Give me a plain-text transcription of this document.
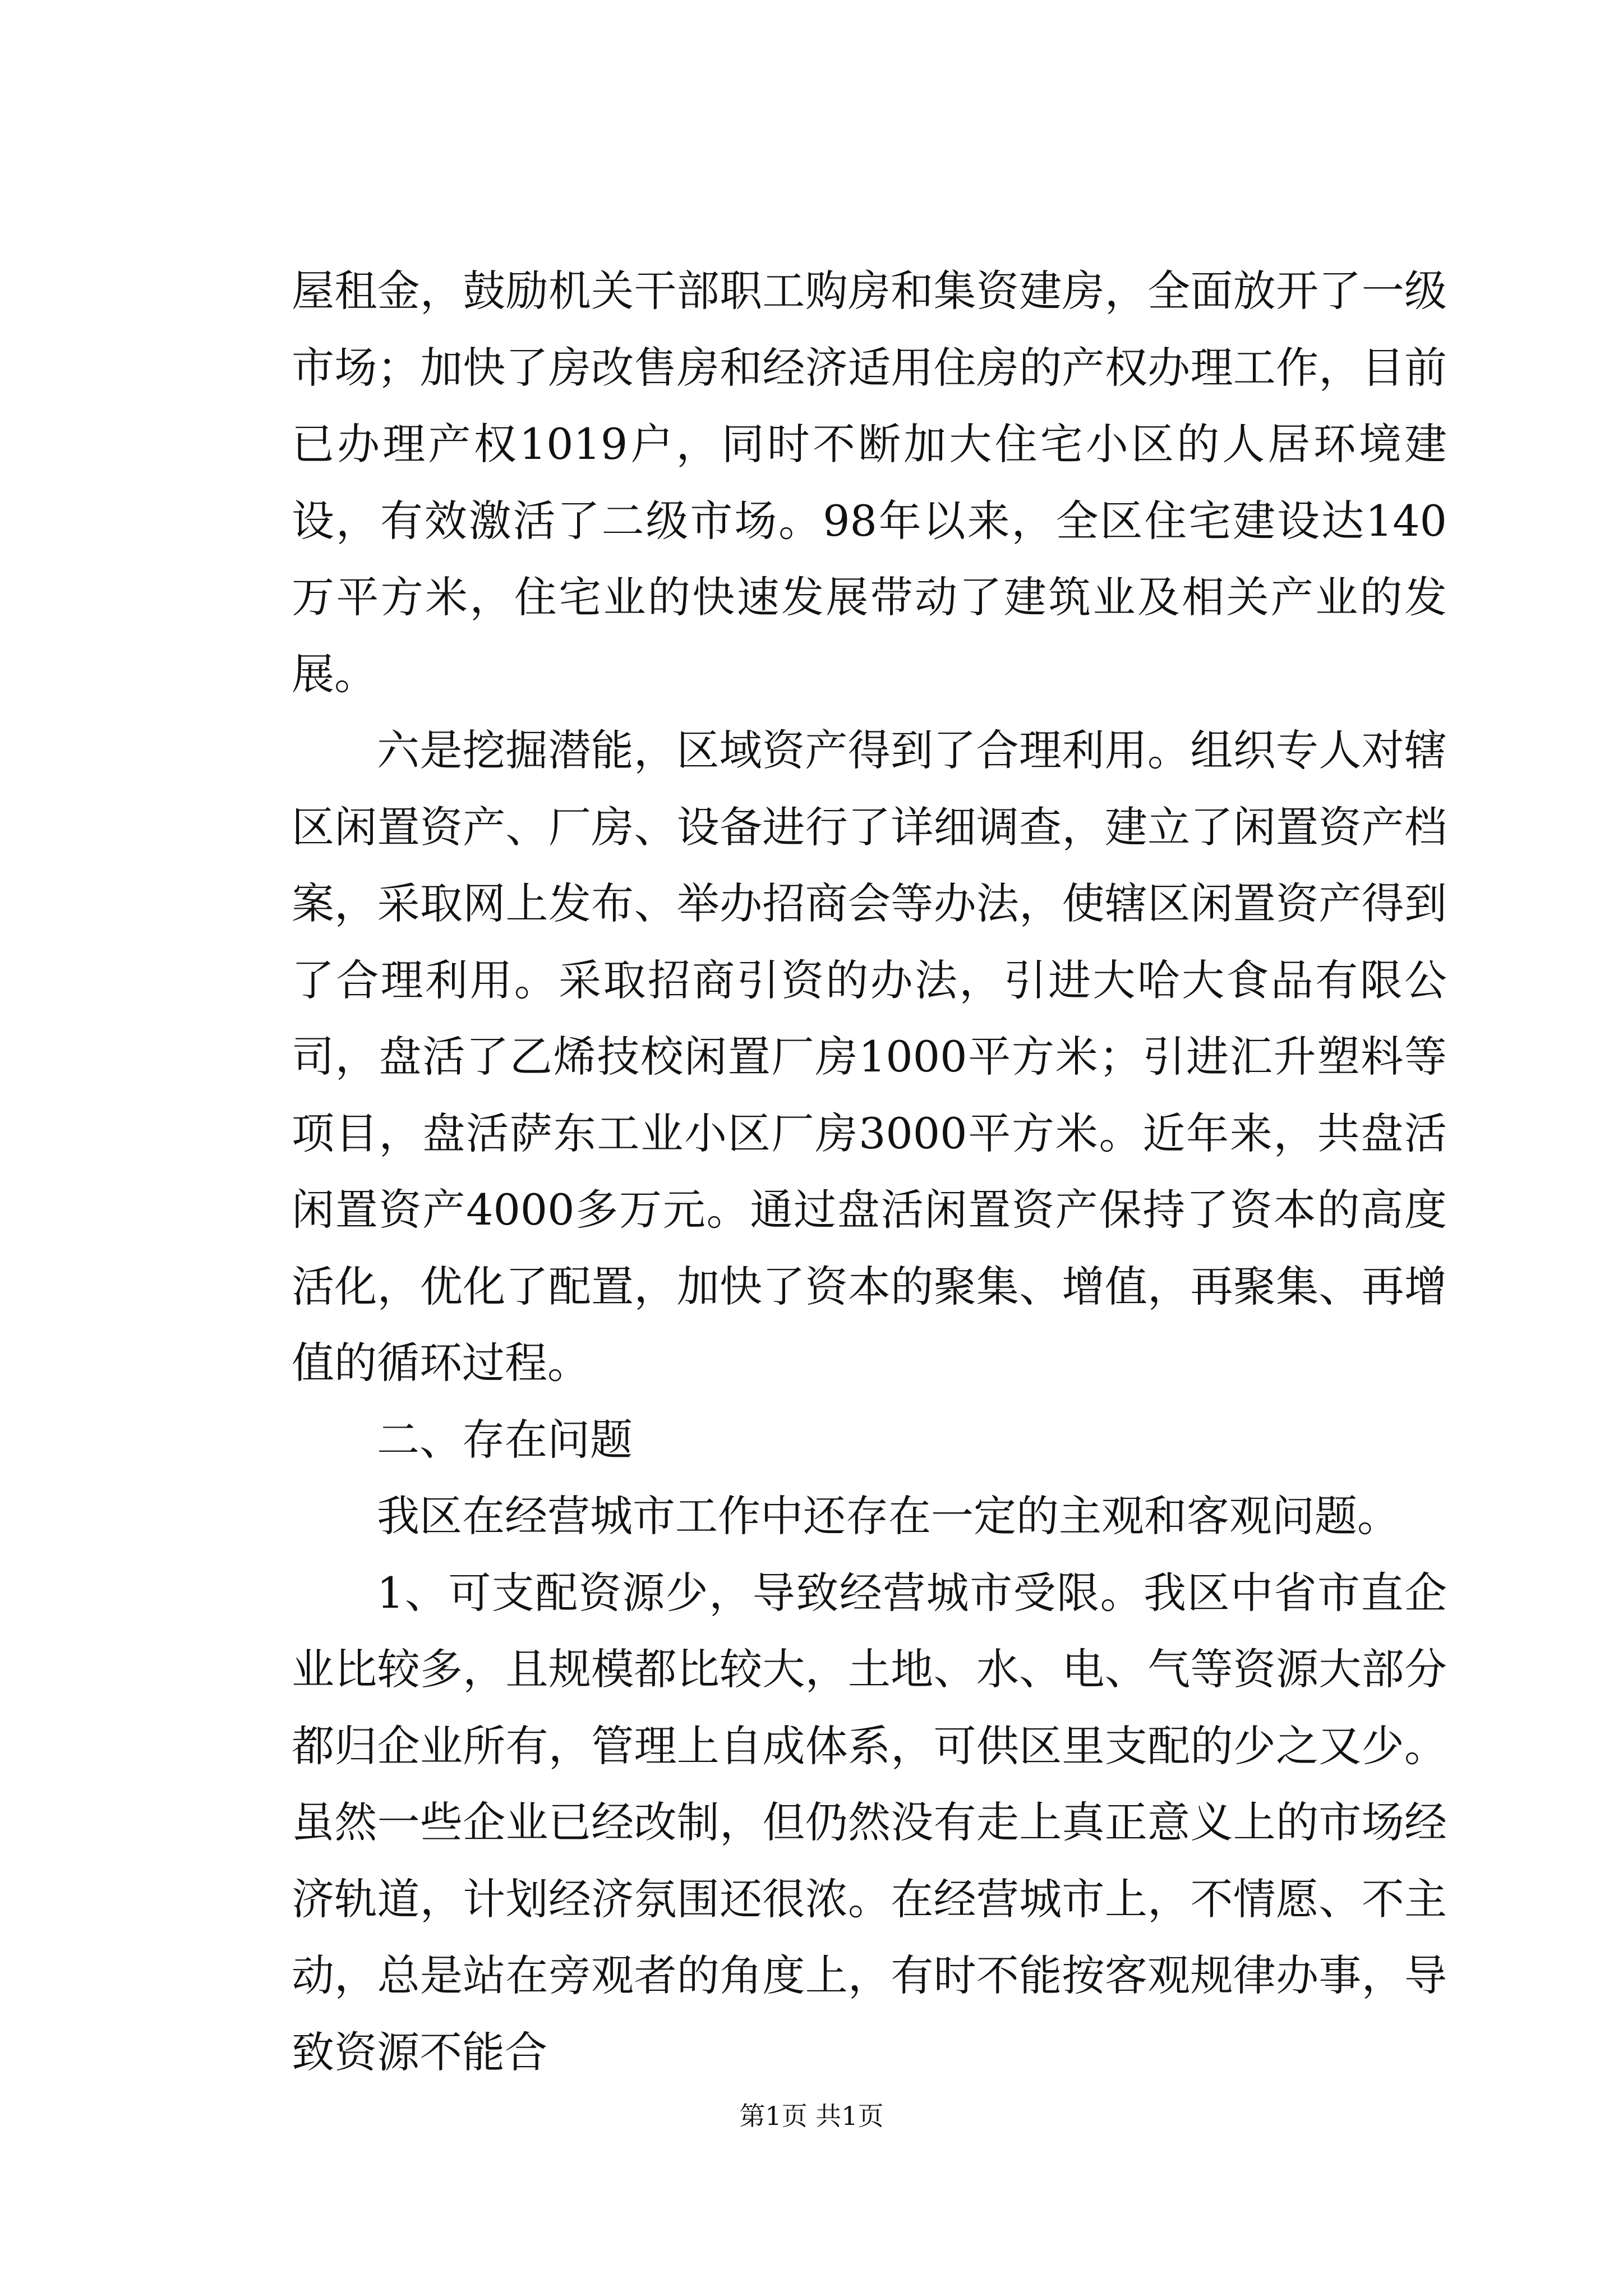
屋租金，鼓励机关干部职工购房和集资建房，全面放开了一级市场；加快了房改售房和经济适用住房的产权办理工作，目前已办理产权1019户，同时不断加大住宅小区的人居环境建设，有效激活了二级市场。98年以来，全区住宅建设达140万平方米，住宅业的快速发展带动了建筑业及相关产业的发展。

六是挖掘潜能，区域资产得到了合理利用。组织专人对辖区闲置资产、厂房、设备进行了详细调查，建立了闲置资产档案，采取网上发布、举办招商会等办法，使辖区闲置资产得到了合理利用。采取招商引资的办法，引进大哈大食品有限公司，盘活了乙烯技校闲置厂房1000平方米；引进汇升塑料等项目，盘活萨东工业小区厂房3000平方米。近年来，共盘活闲置资产4000多万元。通过盘活闲置资产保持了资本的高度活化，优化了配置，加快了资本的聚集、增值，再聚集、再增值的循环过程。

二、存在问题

我区在经营城市工作中还存在一定的主观和客观问题。

1、可支配资源少，导致经营城市受限。我区中省市直企业比较多，且规模都比较大，土地、水、电、气等资源大部分都归企业所有，管理上自成体系，可供区里支配的少之又少。虽然一些企业已经改制，但仍然没有走上真正意义上的市场经济轨道，计划经济氛围还很浓。在经营城市上，不情愿、不主动，总是站在旁观者的角度上，有时不能按客观规律办事，导致资源不能合

第1页 共1页
